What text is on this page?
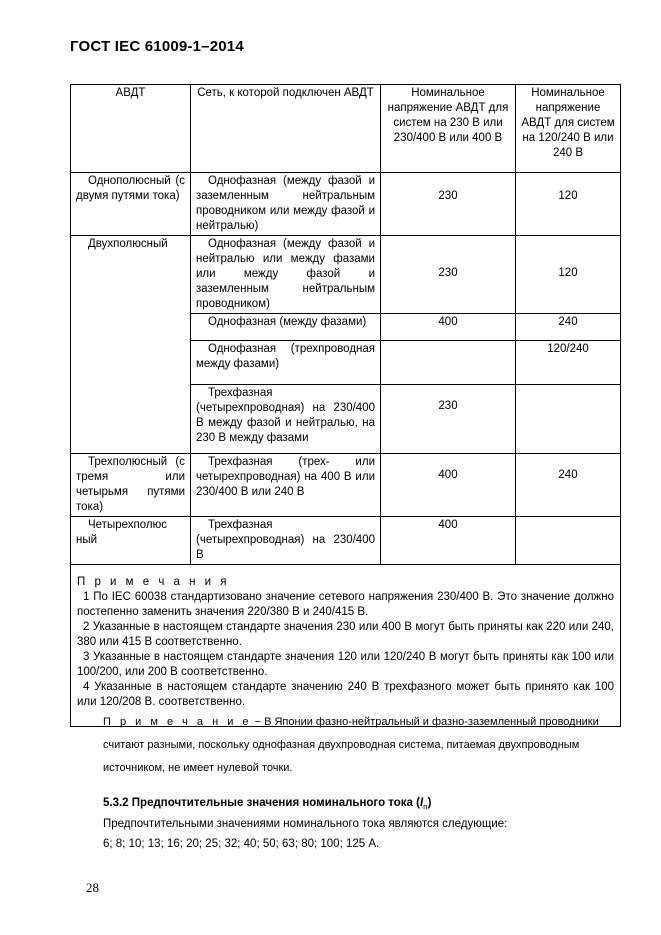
ГОСТ IEC 61009-1–2014
АВДТ	Сеть, к которой подключен АВДТ	Номинальное напряжение АВДТ для систем на 230 В или 230/400 В или 400 В	Номинальное напряжение АВДТ для систем на 120/240 В или 240 В
Однополюсный (с двумя путями тока)	Однофазная (между фазой и заземленным нейтральным проводником или между фазой и нейтралью)	230	120
Двухполюсный	Однофазная (между фазой и нейтралью или между фазами или между фазой и заземленным нейтральным проводником)	230	120
	Однофазная (между фазами)	400	240
	Однофазная (трехпроводная между фазами)		120/240
	Трехфазная (четырехпроводная) на 230/400 В между фазой и нейтралью, на 230 В между фазами	230	
Трехполюсный (с тремя или четырьмя путями тока)	Трехфазная (трех- или четырехпроводная) на 400 В или 230/400 В или 240 В	400	240
Четырехполюс ный	Трехфазная (четырехпроводная) на 230/400 В	400	

П р и м е ч а н и я
1 По IEC 60038 стандартизовано значение сетевого напряжения 230/400 В. Это значение должно постепенно заменить значения 220/380 В и 240/415 В.
2 Указанные в настоящем стандарте значения 230 или 400 В могут быть приняты как 220 или 240, 380 или 415 В соответственно.
3 Указанные в настоящем стандарте значения 120 или 120/240 В могут быть приняты как 100 или 100/200, или 200 В соответственно.
4 Указанные в настоящем стандарте значению 240 В трехфазного может быть принято как 100 или 120/208 В. соответственно.			
П р и м е ч а н и е − В Японии фазно-нейтральный и фазно-заземленный проводники считают разными, поскольку однофазная двухпроводная система, питаемая двухпроводным источником, не имеет нулевой точки.
5.3.2 Предпочтительные значения номинального тока $(I_n)$
Предпочтительными значениями номинального тока являются следующие:
6; 8; 10; 13; 16; 20; 25; 32; 40; 50; 63; 80; 100; 125 А.
28
